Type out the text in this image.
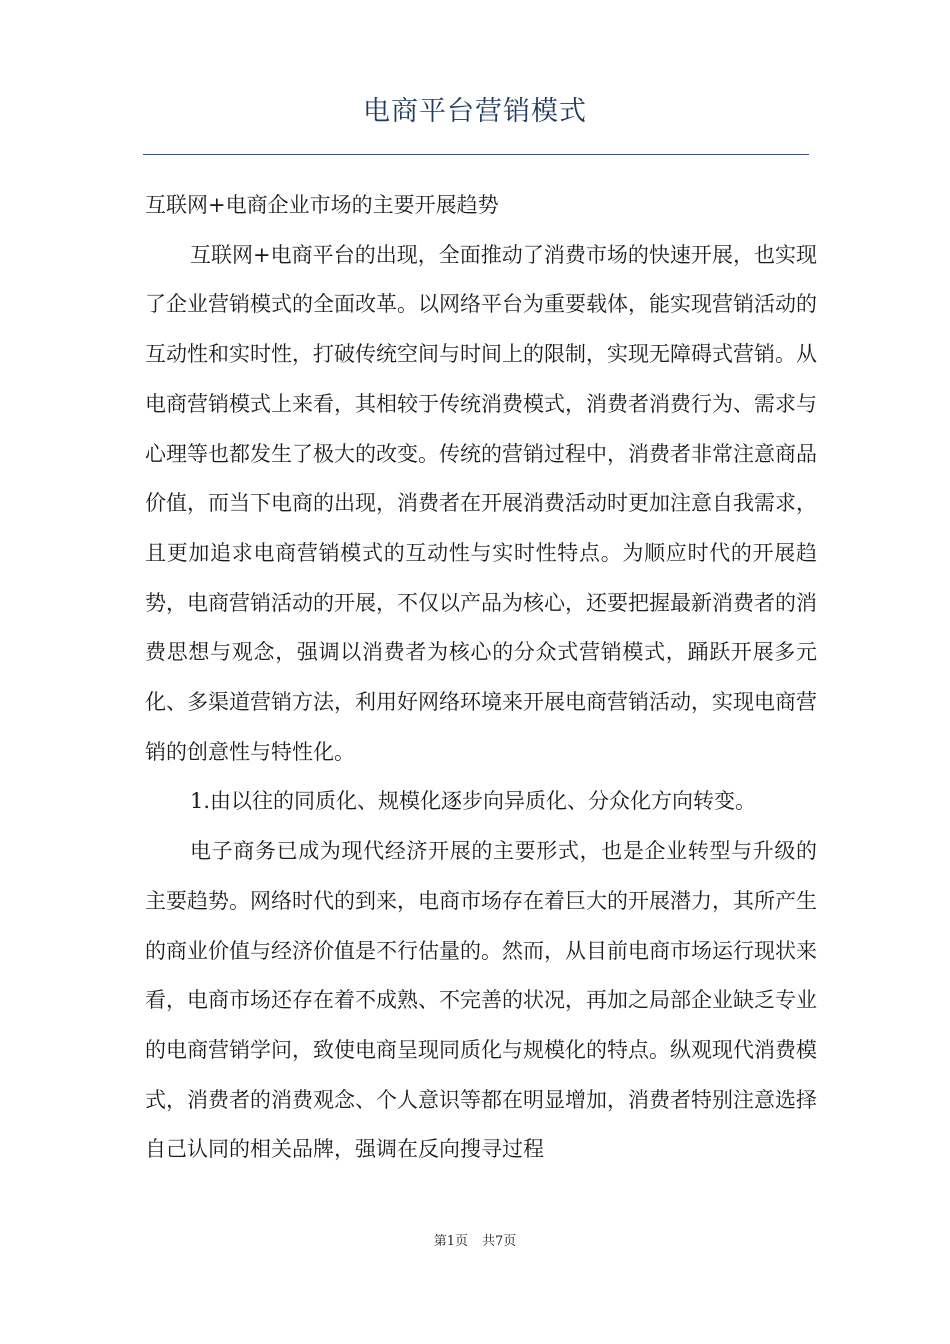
电商平台营销模式

互联网+电商企业市场的主要开展趋势

互联网+电商平台的出现，全面推动了消费市场的快速开展，也实现了企业营销模式的全面改革。以网络平台为重要载体，能实现营销活动的互动性和实时性，打破传统空间与时间上的限制，实现无障碍式营销。从电商营销模式上来看，其相较于传统消费模式，消费者消费行为、需求与心理等也都发生了极大的改变。传统的营销过程中，消费者非常注意商品价值，而当下电商的出现，消费者在开展消费活动时更加注意自我需求，且更加追求电商营销模式的互动性与实时性特点。为顺应时代的开展趋势，电商营销活动的开展，不仅以产品为核心，还要把握最新消费者的消费思想与观念，强调以消费者为核心的分众式营销模式，踊跃开展多元化、多渠道营销方法，利用好网络环境来开展电商营销活动，实现电商营销的创意性与特性化。

1.由以往的同质化、规模化逐步向异质化、分众化方向转变。

电子商务已成为现代经济开展的主要形式，也是企业转型与升级的主要趋势。网络时代的到来，电商市场存在着巨大的开展潜力，其所产生的商业价值与经济价值是不行估量的。然而，从目前电商市场运行现状来看，电商市场还存在着不成熟、不完善的状况，再加之局部企业缺乏专业的电商营销学问，致使电商呈现同质化与规模化的特点。纵观现代消费模式，消费者的消费观念、个人意识等都在明显增加，消费者特别注意选择自己认同的相关品牌，强调在反向搜寻过程

第1页 共7页
